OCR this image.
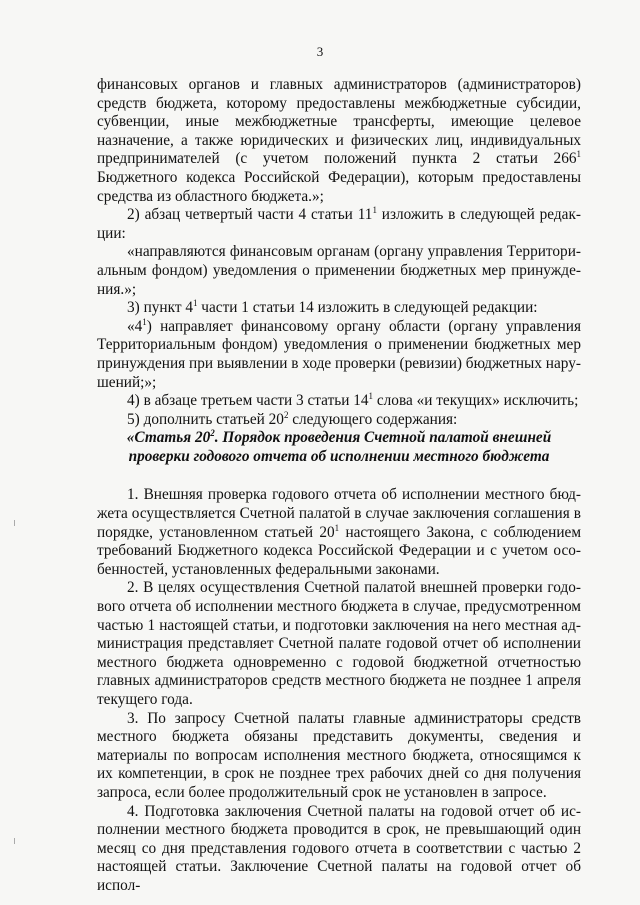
3

финансовых органов и главных администраторов (администраторов) средств бюджета, которому предоставлены межбюджетные субсидии, субвенции, иные межбюджетные трансферты, имеющие целевое назначение, а также юридических и физических лиц, индивидуальных предпринимателей (с учетом положений пункта 2 статьи $266^1$ Бюджетного кодекса Российской Федерации), которым предоставлены средства из областного бюджета.»;

2) абзац четвертый части 4 статьи $11^1$ изложить в следующей редакции:

«направляются финансовым органам (органу управления Территориальным фондом) уведомления о применении бюджетных мер принуждения.»;

3) пункт $4^1$ части 1 статьи 14 изложить в следующей редакции:

«$4^1$) направляет финансовому органу области (органу управления Территориальным фондом) уведомления о применении бюджетных мер принуждения при выявлении в ходе проверки (ревизии) бюджетных нарушений;»;

4) в абзаце третьем части 3 статьи $14^1$ слова «и текущих» исключить;

5) дополнить статьей $20^2$ следующего содержания:

«Статья $20^2$. Порядок проведения Счетной палатой внешней проверки годового отчета об исполнении местного бюджета

1. Внешняя проверка годового отчета об исполнении местного бюджета осуществляется Счетной палатой в случае заключения соглашения в порядке, установленном статьей $20^1$ настоящего Закона, с соблюдением требований Бюджетного кодекса Российской Федерации и с учетом особенностей, установленных федеральными законами.

2. В целях осуществления Счетной палатой внешней проверки годового отчета об исполнении местного бюджета в случае, предусмотренном частью 1 настоящей статьи, и подготовки заключения на него местная администрация представляет Счетной палате годовой отчет об исполнении местного бюджета одновременно с годовой бюджетной отчетностью главных администраторов средств местного бюджета не позднее 1 апреля текущего года.

3. По запросу Счетной палаты главные администраторы средств местного бюджета обязаны представить документы, сведения и материалы по вопросам исполнения местного бюджета, относящимся к их компетенции, в срок не позднее трех рабочих дней со дня получения запроса, если более продолжительный срок не установлен в запросе.

4. Подготовка заключения Счетной палаты на годовой отчет об исполнении местного бюджета проводится в срок, не превышающий один месяц со дня представления годового отчета в соответствии с частью 2 настоящей статьи. Заключение Счетной палаты на годовой отчет об испол-
